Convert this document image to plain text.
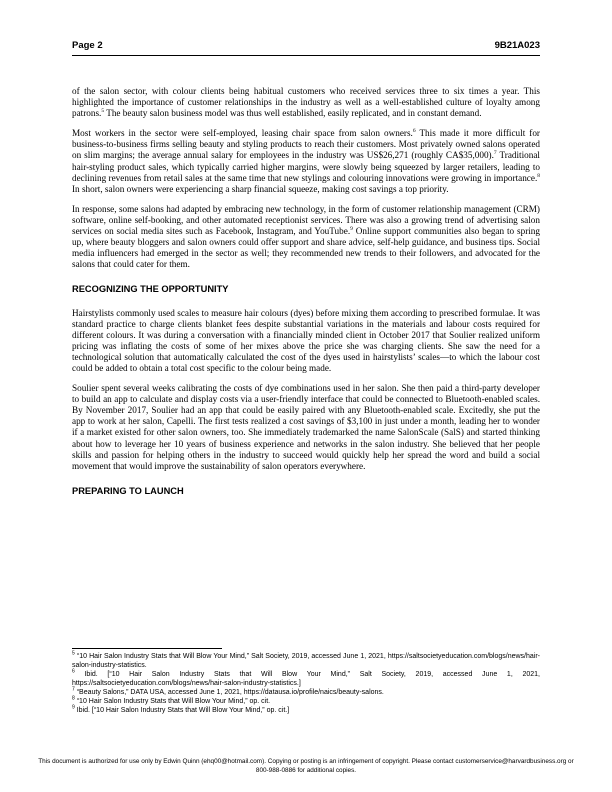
Page 2	9B21A023

of the salon sector, with colour clients being habitual customers who received services three to six times a year. This highlighted the importance of customer relationships in the industry as well as a well-established culture of loyalty among patrons.$^5$ The beauty salon business model was thus well established, easily replicated, and in constant demand.

Most workers in the sector were self-employed, leasing chair space from salon owners.$^6$ This made it more difficult for business-to-business firms selling beauty and styling products to reach their customers. Most privately owned salons operated on slim margins; the average annual salary for employees in the industry was US$26,271 (roughly CA$35,000).$^7$ Traditional hair-styling product sales, which typically carried higher margins, were slowly being squeezed by larger retailers, leading to declining revenues from retail sales at the same time that new stylings and colouring innovations were growing in importance.$^8$ In short, salon owners were experiencing a sharp financial squeeze, making cost savings a top priority.

In response, some salons had adapted by embracing new technology, in the form of customer relationship management (CRM) software, online self-booking, and other automated receptionist services. There was also a growing trend of advertising salon services on social media sites such as Facebook, Instagram, and YouTube.$^9$ Online support communities also began to spring up, where beauty bloggers and salon owners could offer support and share advice, self-help guidance, and business tips. Social media influencers had emerged in the sector as well; they recommended new trends to their followers, and advocated for the salons that could cater for them.

RECOGNIZING THE OPPORTUNITY

Hairstylists commonly used scales to measure hair colours (dyes) before mixing them according to prescribed formulae. It was standard practice to charge clients blanket fees despite substantial variations in the materials and labour costs required for different colours. It was during a conversation with a financially minded client in October 2017 that Soulier realized uniform pricing was inflating the costs of some of her mixes above the price she was charging clients. She saw the need for a technological solution that automatically calculated the cost of the dyes used in hairstylists’ scales—to which the labour cost could be added to obtain a total cost specific to the colour being made.

Soulier spent several weeks calibrating the costs of dye combinations used in her salon. She then paid a third-party developer to build an app to calculate and display costs via a user-friendly interface that could be connected to Bluetooth-enabled scales. By November 2017, Soulier had an app that could be easily paired with any Bluetooth-enabled scale. Excitedly, she put the app to work at her salon, Capelli. The first tests realized a cost savings of $3,100 in just under a month, leading her to wonder if a market existed for other salon owners, too. She immediately trademarked the name SalonScale (SalS) and started thinking about how to leverage her 10 years of business experience and networks in the salon industry. She believed that her people skills and passion for helping others in the industry to succeed would quickly help her spread the word and build a social movement that would improve the sustainability of salon operators everywhere.

PREPARING TO LAUNCH
$^5$ “10 Hair Salon Industry Stats that Will Blow Your Mind,” Salt Society, 2019, accessed June 1, 2021, https://saltsocietyeducation.com/blogs/news/hair-salon-industry-statistics.
$^6$ Ibid. [“10 Hair Salon Industry Stats that Will Blow Your Mind,” Salt Society, 2019, accessed June 1, 2021, https://saltsocietyeducation.com/blogs/news/hair-salon-industry-statistics.]
$^7$ “Beauty Salons,” DATA USA, accessed June 1, 2021, https://datausa.io/profile/naics/beauty-salons.
$^8$ “10 Hair Salon Industry Stats that Will Blow Your Mind,” op. cit.
$^9$ Ibid. [“10 Hair Salon Industry Stats that Will Blow Your Mind,” op. cit.]
This document is authorized for use only by Edwin Quinn (ehq00@hotmail.com). Copying or posting is an infringement of copyright. Please contact customerservice@harvardbusiness.org or
800-988-0886 for additional copies.
